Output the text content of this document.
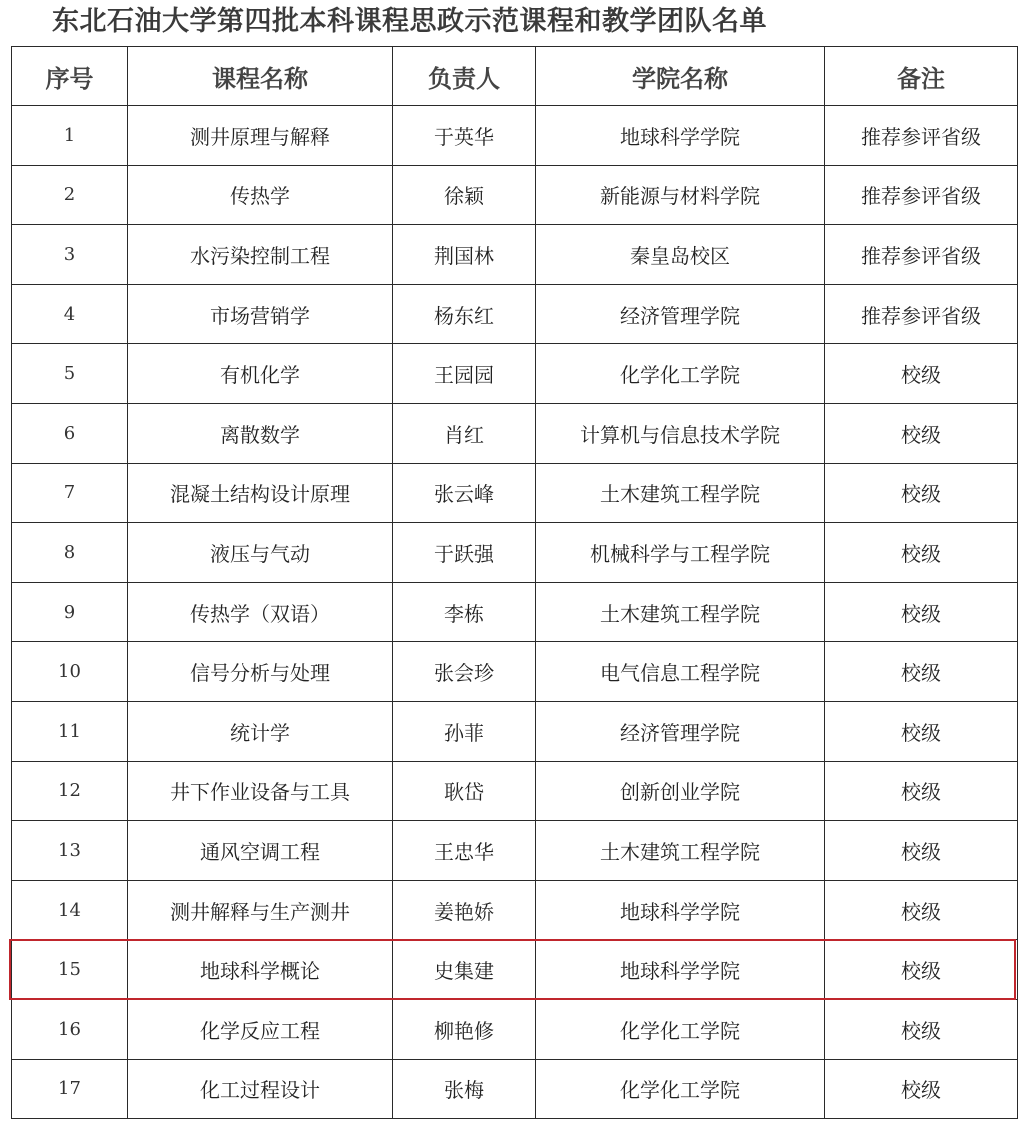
东北石油大学第四批本科课程思政示范课程和教学团队名单
序号	课程名称	负责人	学院名称	备注
1	测井原理与解释	于英华	地球科学学院	推荐参评省级
2	传热学	徐颖	新能源与材料学院	推荐参评省级
3	水污染控制工程	荆国林	秦皇岛校区	推荐参评省级
4	市场营销学	杨东红	经济管理学院	推荐参评省级
5	有机化学	王园园	化学化工学院	校级
6	离散数学	肖红	计算机与信息技术学院	校级
7	混凝土结构设计原理	张云峰	土木建筑工程学院	校级
8	液压与气动	于跃强	机械科学与工程学院	校级
9	传热学（双语）	李栋	土木建筑工程学院	校级
10	信号分析与处理	张会珍	电气信息工程学院	校级
11	统计学	孙菲	经济管理学院	校级
12	井下作业设备与工具	耿岱	创新创业学院	校级
13	通风空调工程	王忠华	土木建筑工程学院	校级
14	测井解释与生产测井	姜艳娇	地球科学学院	校级
15	地球科学概论	史集建	地球科学学院	校级
16	化学反应工程	柳艳修	化学化工学院	校级
17	化工过程设计	张梅	化学化工学院	校级
